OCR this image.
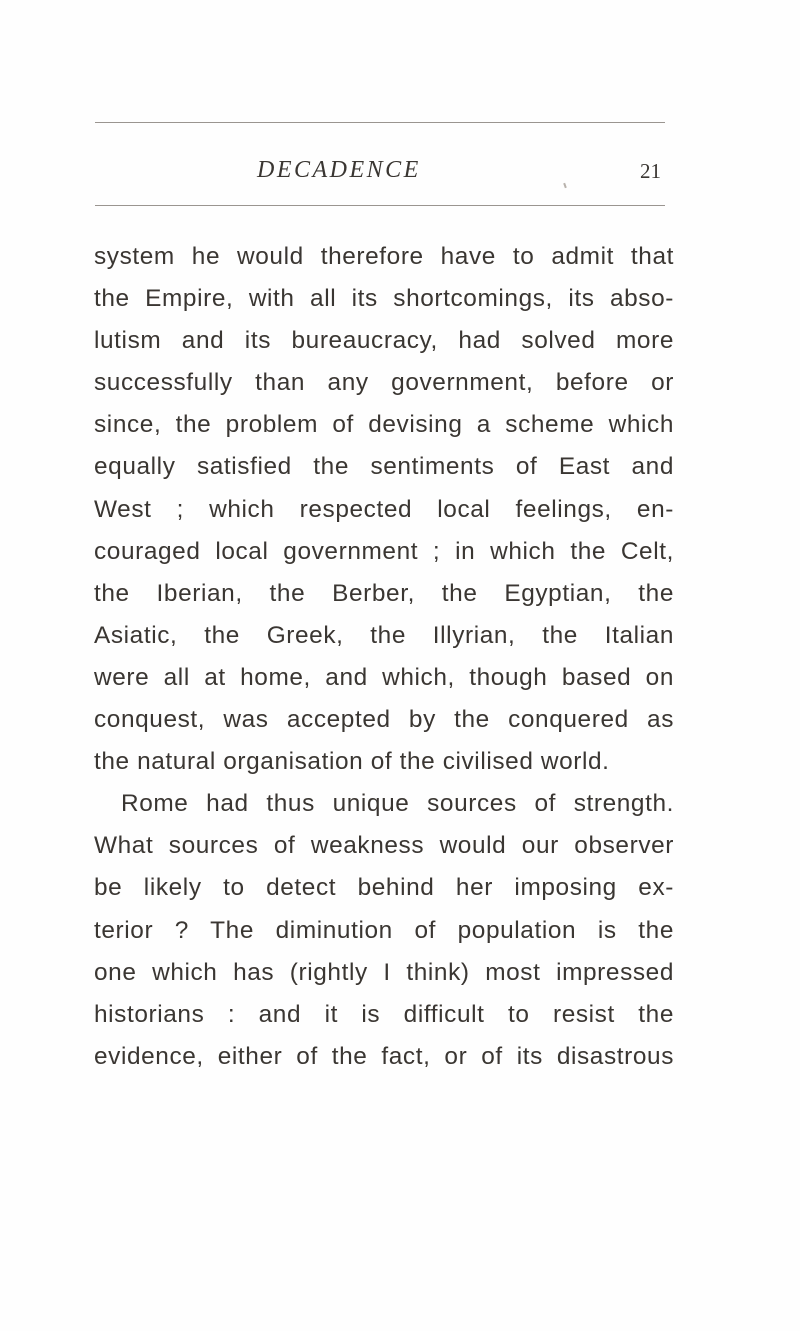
DECADENCE	21
system he would therefore have to admit that
the Empire, with all its shortcomings, its abso-
lutism and its bureaucracy, had solved more
successfully than any government, before or
since, the problem of devising a scheme which
equally satisfied the sentiments of East and
West ; which respected local feelings, en-
couraged local government ; in which the Celt,
the Iberian, the Berber, the Egyptian, the
Asiatic, the Greek, the Illyrian, the Italian
were all at home, and which, though based on
conquest, was accepted by the conquered as
the natural organisation of the civilised world.
Rome had thus unique sources of strength.
What sources of weakness would our observer
be likely to detect behind her imposing ex-
terior ? The diminution of population is the
one which has (rightly I think) most impressed
historians : and it is difficult to resist the
evidence, either of the fact, or of its disastrous
